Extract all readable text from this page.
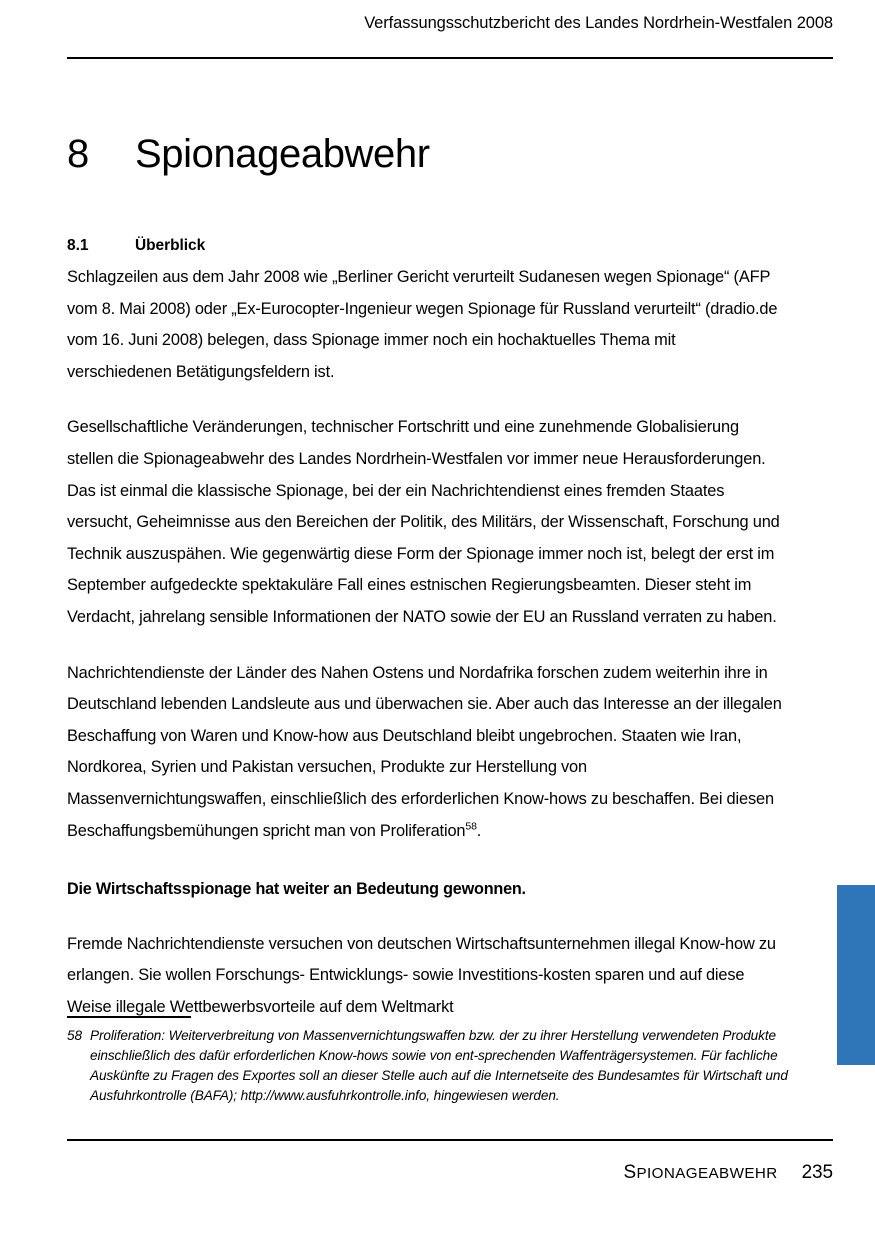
Verfassungsschutzbericht des Landes Nordrhein-Westfalen 2008
8 Spionageabwehr
8.1	Überblick

Schlagzeilen aus dem Jahr 2008 wie „Berliner Gericht verurteilt Sudanesen wegen Spionage“ (AFP vom 8. Mai 2008) oder „Ex-Eurocopter-Ingenieur wegen Spionage für Russland verurteilt“ (dradio.de vom 16. Juni 2008) belegen, dass Spionage immer noch ein hochaktuelles Thema mit verschiedenen Betätigungsfeldern ist.

Gesellschaftliche Veränderungen, technischer Fortschritt und eine zunehmende Globalisierung stellen die Spionageabwehr des Landes Nordrhein-Westfalen vor immer neue Herausforderungen. Das ist einmal die klassische Spionage, bei der ein Nachrichtendienst eines fremden Staates versucht, Geheimnisse aus den Bereichen der Politik, des Militärs, der Wissenschaft, Forschung und Technik auszuspähen. Wie gegenwärtig diese Form der Spionage immer noch ist, belegt der erst im September aufgedeckte spektakuläre Fall eines estnischen Regierungsbeamten. Dieser steht im Verdacht, jahrelang sensible Informationen der NATO sowie der EU an Russland verraten zu haben.

Nachrichtendienste der Länder des Nahen Ostens und Nordafrika forschen zudem weiterhin ihre in Deutschland lebenden Landsleute aus und überwachen sie. Aber auch das Interesse an der illegalen Beschaffung von Waren und Know-how aus Deutschland bleibt ungebrochen. Staaten wie Iran, Nordkorea, Syrien und Pakistan versuchen, Produkte zur Herstellung von Massenvernichtungswaffen, einschließlich des erforderlichen Know-hows zu beschaffen. Bei diesen Beschaffungsbemühungen spricht man von Proliferation$^{58}$.

Die Wirtschaftsspionage hat weiter an Bedeutung gewonnen.

Fremde Nachrichtendienste versuchen von deutschen Wirtschaftsunternehmen illegal Know-how zu erlangen. Sie wollen Forschungs- Entwicklungs- sowie Investitions-kosten sparen und auf diese Weise illegale Wettbewerbsvorteile auf dem Weltmarkt

58 Proliferation: Weiterverbreitung von Massenvernichtungswaffen bzw. der zu ihrer Herstellung verwendeten Produkte einschließlich des dafür erforderlichen Know-hows sowie von ent-sprechenden Waffenträgersystemen. Für fachliche Auskünfte zu Fragen des Exportes soll an dieser Stelle auch auf die Internetseite des Bundesamtes für Wirtschaft und Ausfuhrkontrolle (BAFA); http://www.ausfuhrkontrolle.info, hingewiesen werden.
SPIONAGEABWEHR 235
